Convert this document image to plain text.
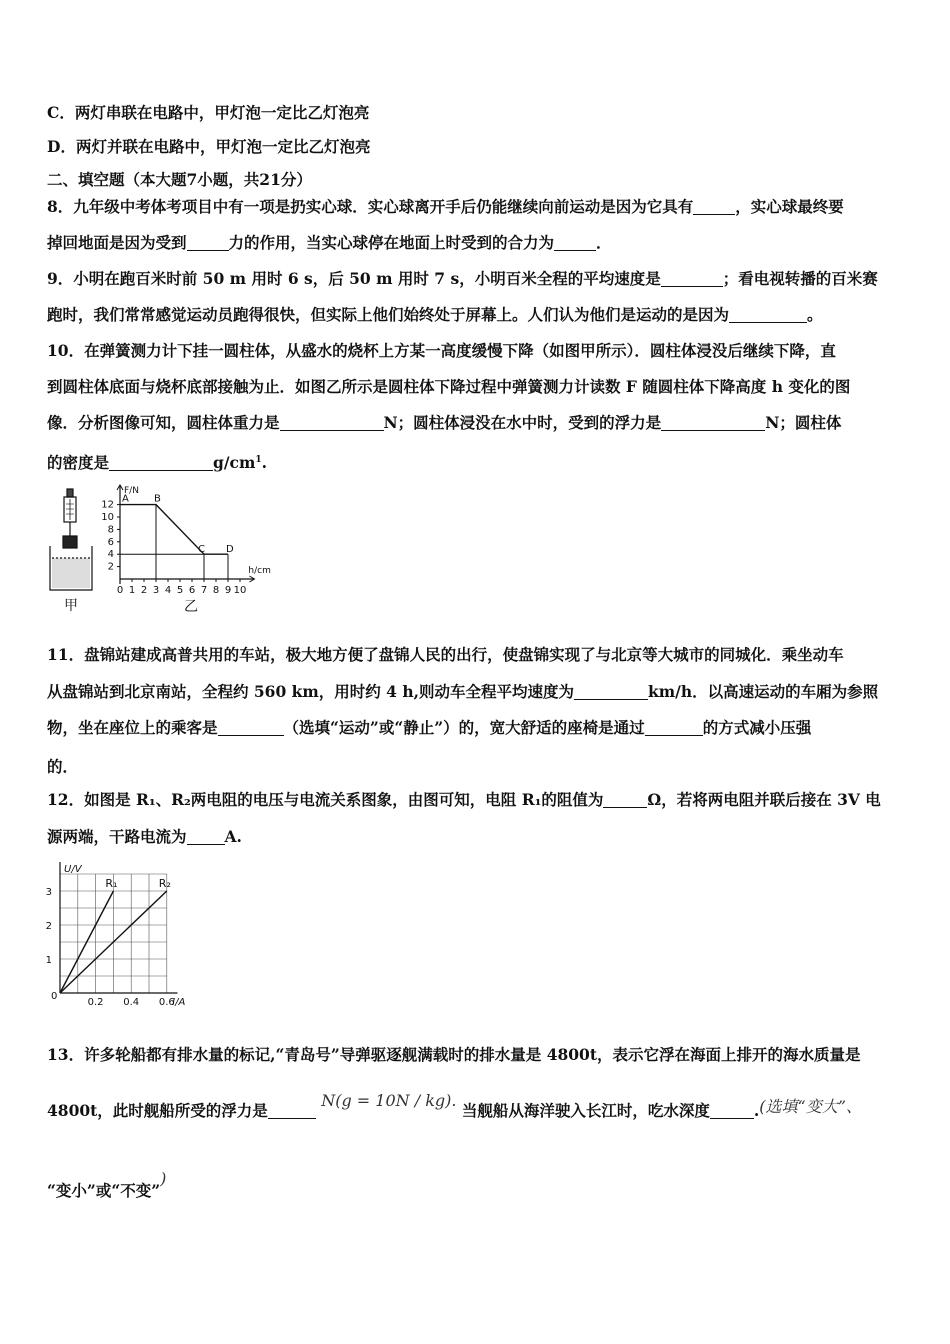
C．两灯串联在电路中，甲灯泡一定比乙灯泡亮
D．两灯并联在电路中，甲灯泡一定比乙灯泡亮
二、填空题（本大题7小题，共21分）
8．九年级中考体考项目中有一项是扔实心球．实心球离开手后仍能继续向前运动是因为它具有	，实心球最终要
掉回地面是因为受到	力的作用，当实心球停在地面上时受到的合力为	．
9．小明在跑百米时前 50 m 用时 6 s，后 50 m 用时 7 s，小明百米全程的平均速度是	；看电视转播的百米赛
跑时，我们常常感觉运动员跑得很快，但实际上他们始终处于屏幕上。人们认为他们是运动的是因为	。
10．在弹簧测力计下挂一圆柱体，从盛水的烧杯上方某一高度缓慢下降（如图甲所示）．圆柱体浸没后继续下降，直
到圆柱体底面与烧杯底部接触为止．如图乙所示是圆柱体下降过程中弹簧测力计读数 F 随圆柱体下降高度 h 变化的图
像．分析图像可知，圆柱体重力是	N；圆柱体浸没在水中时，受到的浮力是	N；圆柱体
的密度是	$g/cm^1$.
甲	乙
F/N
h/cm
2
4
6
8
10
12
0 1 2 3 4 5 6 7 8 9 10
A	B
C D
11．盘锦站建成高普共用的车站，极大地方便了盘锦人民的出行，使盘锦实现了与北京等大城市的同城化．乘坐动车
从盘锦站到北京南站，全程约 560 km，用时约 4 h,则动车全程平均速度为	km/h．以高速运动的车厢为参照
物，坐在座位上的乘客是	（选填“运动”或“静止”）的，宽大舒适的座椅是通过	的方式减小压强
的．
12．如图是 R₁、R₂两电阻的电压与电流关系图象，由图可知，电阻 R₁的阻值为	Ω，若将两电阻并联后接在 3V 电
源两端，干路电流为 A.
U/V
I/A
0
1
2
3
0.2 0.4 0.6
R₁	R₂
13．许多轮船都有排水量的标记,“青岛号”导弹驱逐舰满载时的排水量是 4800t，表示它浮在海面上排开的海水质量是
4800t，此时舰船所受的浮力是 N(g = 10N / kg). 当舰船从海洋驶入长江时，吃水深度	.(选填“变大”、
“变小”或“不变”)
